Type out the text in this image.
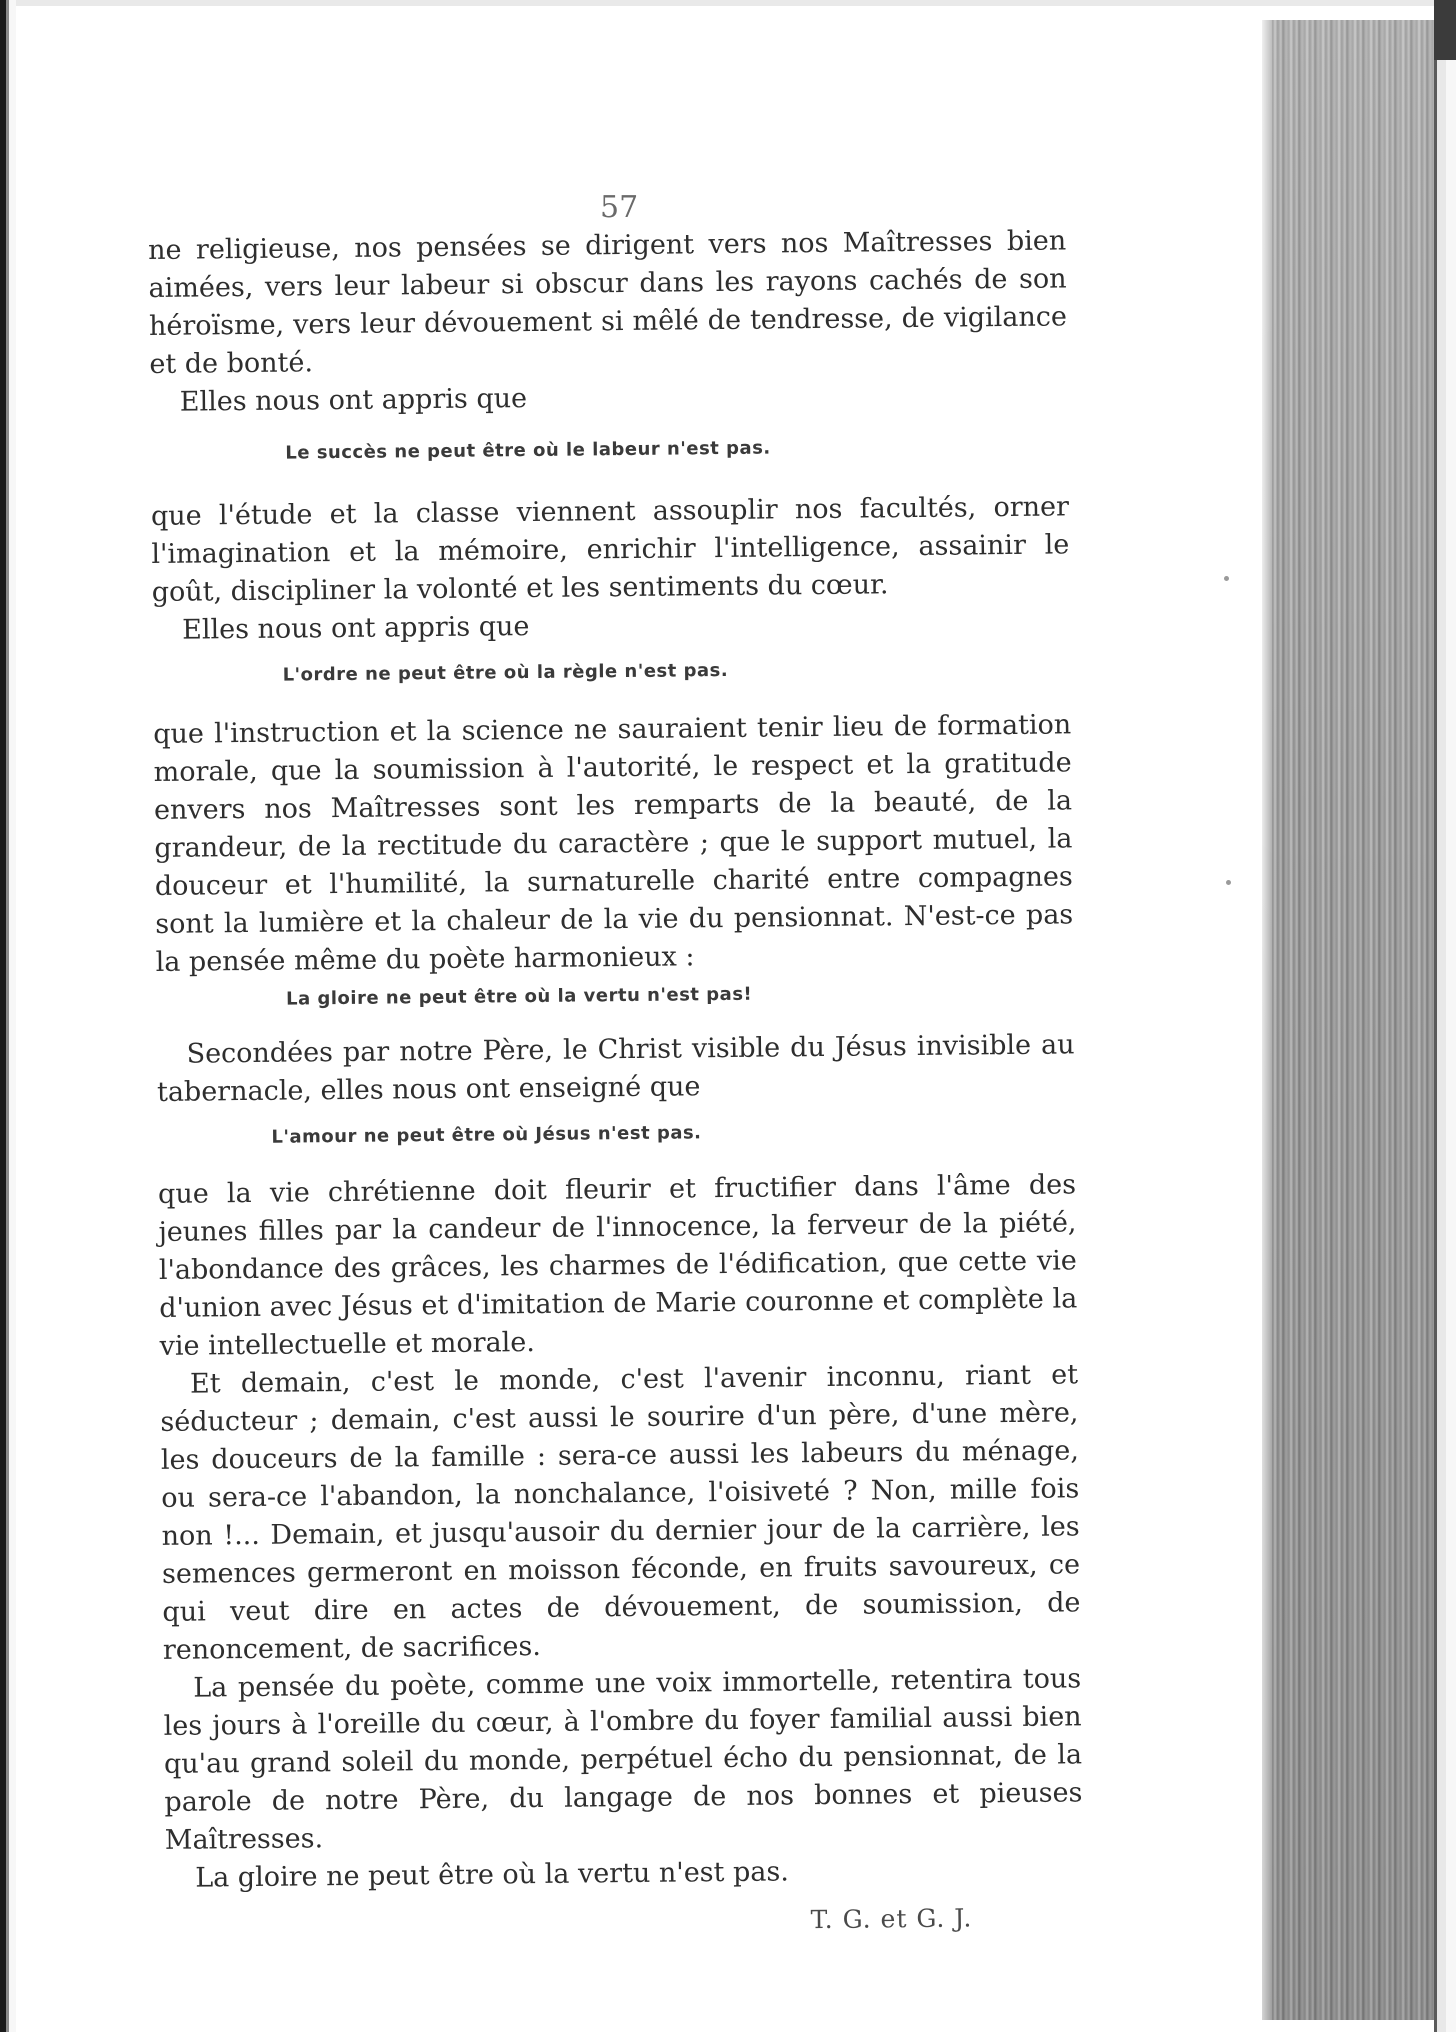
57

ne religieuse, nos pensées se dirigent vers nos Maîtresses bien aimées, vers leur labeur si obscur dans les rayons cachés de son héroïsme, vers leur dévouement si mêlé de tendresse, de vigilance et de bonté.

Elles nous ont appris que

Le succès ne peut être où le labeur n'est pas.

que l'étude et la classe viennent assouplir nos facultés, orner l'imagination et la mémoire, enrichir l'intelligence, assainir le goût, discipliner la volonté et les sentiments du cœur.

Elles nous ont appris que

L'ordre ne peut être où la règle n'est pas.

que l'instruction et la science ne sauraient tenir lieu de formation morale, que la soumission à l'autorité, le respect et la gratitude envers nos Maîtresses sont les remparts de la beauté, de la grandeur, de la rectitude du caractère ; que le support mutuel, la douceur et l'humilité, la surnaturelle charité entre compagnes sont la lumière et la chaleur de la vie du pensionnat. N'est-ce pas la pensée même du poète harmonieux :

La gloire ne peut être où la vertu n'est pas!

Secondées par notre Père, le Christ visible du Jésus invisible au tabernacle, elles nous ont enseigné que

L'amour ne peut être où Jésus n'est pas.

que la vie chrétienne doit fleurir et fructifier dans l'âme des jeunes filles par la candeur de l'innocence, la ferveur de la piété, l'abondance des grâces, les charmes de l'édification, que cette vie d'union avec Jésus et d'imitation de Marie couronne et complète la vie intellectuelle et morale.

Et demain, c'est le monde, c'est l'avenir inconnu, riant et séducteur ; demain, c'est aussi le sourire d'un père, d'une mère, les douceurs de la famille : sera-ce aussi les labeurs du ménage, ou sera-ce l'abandon, la nonchalance, l'oisiveté ? Non, mille fois non !... Demain, et jusqu'ausoir du dernier jour de la carrière, les semences germeront en moisson féconde, en fruits savoureux, ce qui veut dire en actes de dévouement, de soumission, de renoncement, de sacrifices.

La pensée du poète, comme une voix immortelle, retentira tous les jours à l'oreille du cœur, à l'ombre du foyer familial aussi bien qu'au grand soleil du monde, perpétuel écho du pensionnat, de la parole de notre Père, du langage de nos bonnes et pieuses Maîtresses.

La gloire ne peut être où la vertu n'est pas.

T. G. et G. J.
